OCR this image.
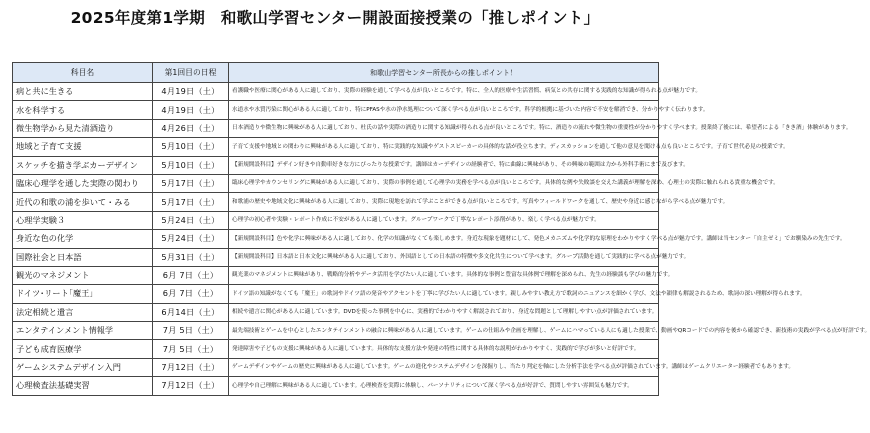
2025年度第1学期　和歌山学習センター開設面接授業の「推しポイント」
科目名	第1回目の日程	和歌山学習センター所長からの推しポイント！
病と共に生きる	4月19日（土）	看護職や医療に関心がある人に適しており、実際の経験を通して学べる点が良いところです。特に、全人的医療や生活習慣、病気との共存に関する実践的な知識が得られる点が魅力です。
水を科学する	4月19日（土）	水道水や水質汚染に関心がある人に適しており、特にPFASや水の浄水処理について深く学べる点が良いところです。科学的根拠に基づいた内容で不安を解消でき、分かりやすく伝わります。
微生物学から見た清酒造り	4月26日（土）	日本酒造りや微生物に興味がある人に適しており、杜氏の話や実際の酒造りに関する知識が得られる点が良いところです。特に、酒造りの流れや微生物の重要性が分かりやすく学べます。授業終了後には、希望者による「きき酒」体験があります。
地域と子育て支援	5月10日（土）	子育て支援や地域との関わりに興味がある人に適しており、特に実践的な知識やゲストスピーカーの具体的な話が役立ちます。ディスカッションを通して他の意見を聞ける点も良いところです。子育て世代必見の授業です。
スケッチを描き学ぶカーデザイン	5月10日（土）	【新規開設科目】デザイン好きや自動車好きな方にぴったりな授業です。講師はカーデザインの経験者で、特に曲線に興味があり、その興味の範囲は力から外科手術にまで及びます。
臨床心理学を通した実際の関わり	5月17日（土）	臨床心理学やカウンセリングに興味がある人に適しており、実際の事例を通して心理学の実務を学べる点が良いところです。具体的な例や失敗談を交えた講義が理解を深め、心理士の実際に触れられる貴重な機会です。
近代の和歌の浦を歩いて・みる	5月17日（土）	和歌浦の歴史や地域文化に興味がある人に適しており、実際に現地を訪れて学ぶことができる点が良いところです。写真やフィールドワークを通して、歴史や身近に感じながら学べる点が魅力です。
心理学実験３	5月24日（土）	心理学の初心者や実験・レポート作成に不安がある人に適しています。グループワークで丁寧なレポート添削があり、楽しく学べる点が魅力です。
身近な色の化学	5月24日（土）	【新規開設科目】色や化学に興味がある人に適しており、化学の知識がなくても楽しめます。身近な現象を題材にして、発色メカニズムや化学的な原理をわかりやすく学べる点が魅力です。講師は当センター「自主ゼミ」でお馴染みの先生です。
国際社会と日本語	5月31日（土）	【新規開設科目】日本語と日本文化に興味がある人に適しており、外国語としての日本語の特徴や多文化共生について学べます。グループ活動を通して実践的に学べる点が魅力です。
観光のマネジメント	6月 7日（土）	観光業のマネジメントに興味があり、戦略的分析やデータ活用を学びたい人に適しています。具体的な事例と豊富な具体例で理解を深められ、先生の経験談も学びの魅力です。
ドイツ･リート｢魔王｣	6月 7日（土）	ドイツ語の知識がなくても「魔王」の歌詞やドイツ語の発音やアクセントを丁寧に学びたい人に適しています。親しみやすい教え方で歌詞のニュアンスを細かく学び、文法や韻律も解説されるため、歌詞の深い理解が得られます。
法定相続と遺言	6月14日（土）	相続や遺言に関心がある人に適しています。DVDを使った事例を中心に、実務的でわかりやすく解説されており、身近な問題として理解しやすい点が評価されています。
エンタテインメント情報学	7月 5日（土）	最先端技術とゲームを中心としたエンタテインメントの融合に興味がある人に適しています。ゲームの仕組みや企画を理解し、ゲームにハマっている人にも適した授業で、動画やQRコードでの内容を後から確認でき、新技術の実践が学べる点が好評です。
子ども成育医療学	7月 5日（土）	発達障害や子どもの支援に興味がある人に適しています。具体的な支援方法や発達の特性に関する具体的な説明がわかりやすく、実践的で学びが多いと好評です。
ゲームシステムデザイン入門	7月12日（土）	ゲームデザインやゲームの歴史に興味がある人に適しています。ゲームの進化やシステムデザインを深掘りし、当たり判定を軸にした分析手法を学べる点が評価されています。講師はゲームクリエーター経験者でもあります。
心理検査法基礎実習	7月12日（土）	心理学や自己理解に興味がある人に適しています。心理検査を実際に体験し、パーソナリティについて深く学べる点が好評で、質問しやすい雰囲気も魅力です。
